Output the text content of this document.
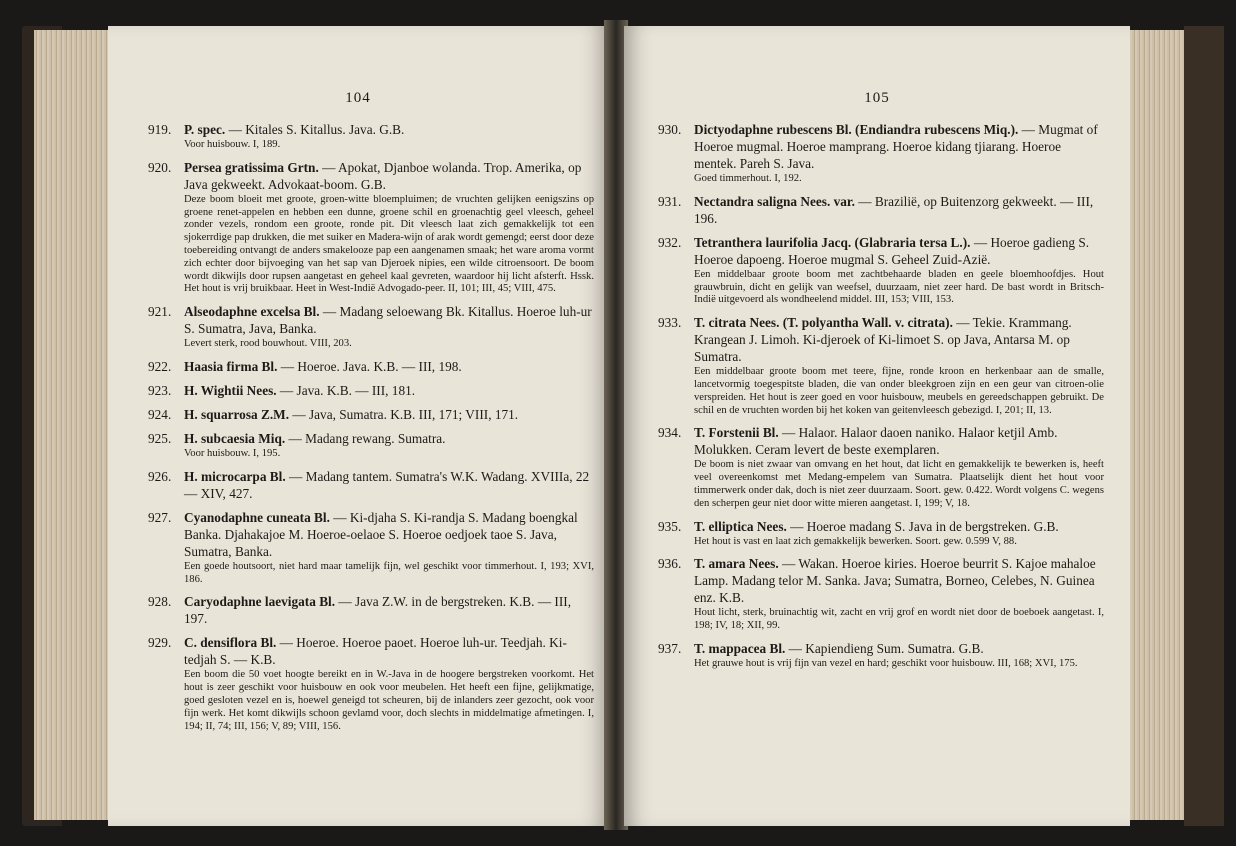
104
919. P. spec. — Kitales S. Kitallus. Java. G.B.
Voor huisbouw. I, 189.
920. Persea gratissima Grtn. — Apokat, Djanboe wolanda. Trop. Amerika, op Java gekweekt. Advokaat-boom. G.B.
Deze boom bloeit met groote, groen-witte bloempluimen; de vruchten gelijken eenigszins op groene renet-appelen en hebben een dunne, groene schil en groenachtig geel vleesch, geheel zonder vezels, rondom een groote, ronde pit. Dit vleesch laat zich gemakkelijk tot een sjokerrdige pap drukken, die met suiker en Madera-wijn of arak wordt gemengd; eerst door deze toebereiding ontvangt de anders smakelooze pap een aangenamen smaak; het ware aroma vormt zich echter door bijvoeging van het sap van Djeroek nipies, een wilde citroensoort. De boom wordt dikwijls door rupsen aangetast en geheel kaal gevreten, waardoor hij licht afsterft. Hssk. Het hout is vrij bruikbaar. Heet in West-Indië Advogado-peer. II, 101; III, 45; VIII, 475.
921. Alseodaphne excelsa Bl. — Madang seloewang Bk. Kitallus. Hoeroe luh-ur S. Sumatra, Java, Banka.
Levert sterk, rood bouwhout. VIII, 203.
922. Haasia firma Bl. — Hoeroe. Java. K.B. — III, 198.
923. H. Wightii Nees. — Java. K.B. — III, 181.
924. H. squarrosa Z.M. — Java, Sumatra. K.B. III, 171; VIII, 171.
925. H. subcaesia Miq. — Madang rewang. Sumatra.
Voor huisbouw. I, 195.
926. H. microcarpa Bl. — Madang tantem. Sumatra's W.K. Wadang. XVIIIa, 22 — XIV, 427.
927. Cyanodaphne cuneata Bl. — Ki-djaha S. Ki-randja S. Madang boengkal Banka. Djahakajoe M. Hoeroe-oelaoe S. Hoeroe oedjoek taoe S. Java, Sumatra, Banka.
Een goede houtsoort, niet hard maar tamelijk fijn, wel geschikt voor timmerhout. I, 193; XVI, 186.
928. Caryodaphne laevigata Bl. — Java Z.W. in de bergstreken. K.B. — III, 197.
929. C. densiflora Bl. — Hoeroe. Hoeroe paoet. Hoeroe luh-ur. Teedjah. Ki-tedjah S. — K.B.
Een boom die 50 voet hoogte bereikt en in W.-Java in de hoogere bergstreken voorkomt. Het hout is zeer geschikt voor huisbouw en ook voor meubelen. Het heeft een fijne, gelijkmatige, goed gesloten vezel en is, hoewel geneigd tot scheuren, bij de inlanders zeer gezocht, ook voor fijn werk. Het komt dikwijls schoon gevlamd voor, doch slechts in middelmatige afmetingen. I, 194; II, 74; III, 156; V, 89; VIII, 156.
105
930. Dictyodaphne rubescens Bl. (Endiandra rubescens Miq.). — Mugmat of Hoeroe mugmal. Hoeroe mamprang. Hoeroe kidang tjiarang. Hoeroe mentek. Pareh S. Java.
Goed timmerhout. I, 192.
931. Nectandra saligna Nees. var. — Brazilië, op Buitenzorg gekweekt. — III, 196.
932. Tetranthera laurifolia Jacq. (Glabraria tersa L.). — Hoeroe gadieng S. Hoeroe dapoeng. Hoeroe mugmal S. Geheel Zuid-Azië.
Een middelbaar groote boom met zachtbehaarde bladen en geele bloemhoofdjes. Hout grauwbruin, dicht en gelijk van weefsel, duurzaam, niet zeer hard. De bast wordt in Britsch-Indië uitgevoerd als wondheelend middel. III, 153; VIII, 153.
933. T. citrata Nees. (T. polyantha Wall. v. citrata). — Tekie. Krammang. Krangean J. Limoh. Ki-djeroek of Ki-limoet S. op Java, Antarsa M. op Sumatra.
Een middelbaar groote boom met teere, fijne, ronde kroon en herkenbaar aan de smalle, lancetvormig toegespitste bladen, die van onder bleekgroen zijn en een geur van citroen-olie verspreiden. Het hout is zeer goed en voor huisbouw, meubels en gereedschappen gebruikt. De schil en de vruchten worden bij het koken van geitenvleesch gebezigd. I, 201; II, 13.
934. T. Forstenii Bl. — Halaor. Halaor daoen naniko. Halaor ketjil Amb. Molukken. Ceram levert de beste exemplaren.
De boom is niet zwaar van omvang en het hout, dat licht en gemakkelijk te bewerken is, heeft veel overeenkomst met Medang-empelem van Sumatra. Plaatselijk dient het hout voor timmerwerk onder dak, doch is niet zeer duurzaam. Soort. gew. 0.422. Wordt volgens C. wegens den scherpen geur niet door witte mieren aangetast. I, 199; V, 18.
935. T. elliptica Nees. — Hoeroe madang S. Java in de bergstreken. G.B.
Het hout is vast en laat zich gemakkelijk bewerken. Soort. gew. 0.599 V, 88.
936. T. amara Nees. — Wakan. Hoeroe kiries. Hoeroe beurrit S. Kajoe mahaloe Lamp. Madang telor M. Sanka. Java; Sumatra, Borneo, Celebes, N. Guinea enz. K.B.
Hout licht, sterk, bruinachtig wit, zacht en vrij grof en wordt niet door de boeboek aangetast. I, 198; IV, 18; XII, 99.
937. T. mappacea Bl. — Kapiendieng Sum. Sumatra. G.B.
Het grauwe hout is vrij fijn van vezel en hard; geschikt voor huisbouw. III, 168; XVI, 175.
